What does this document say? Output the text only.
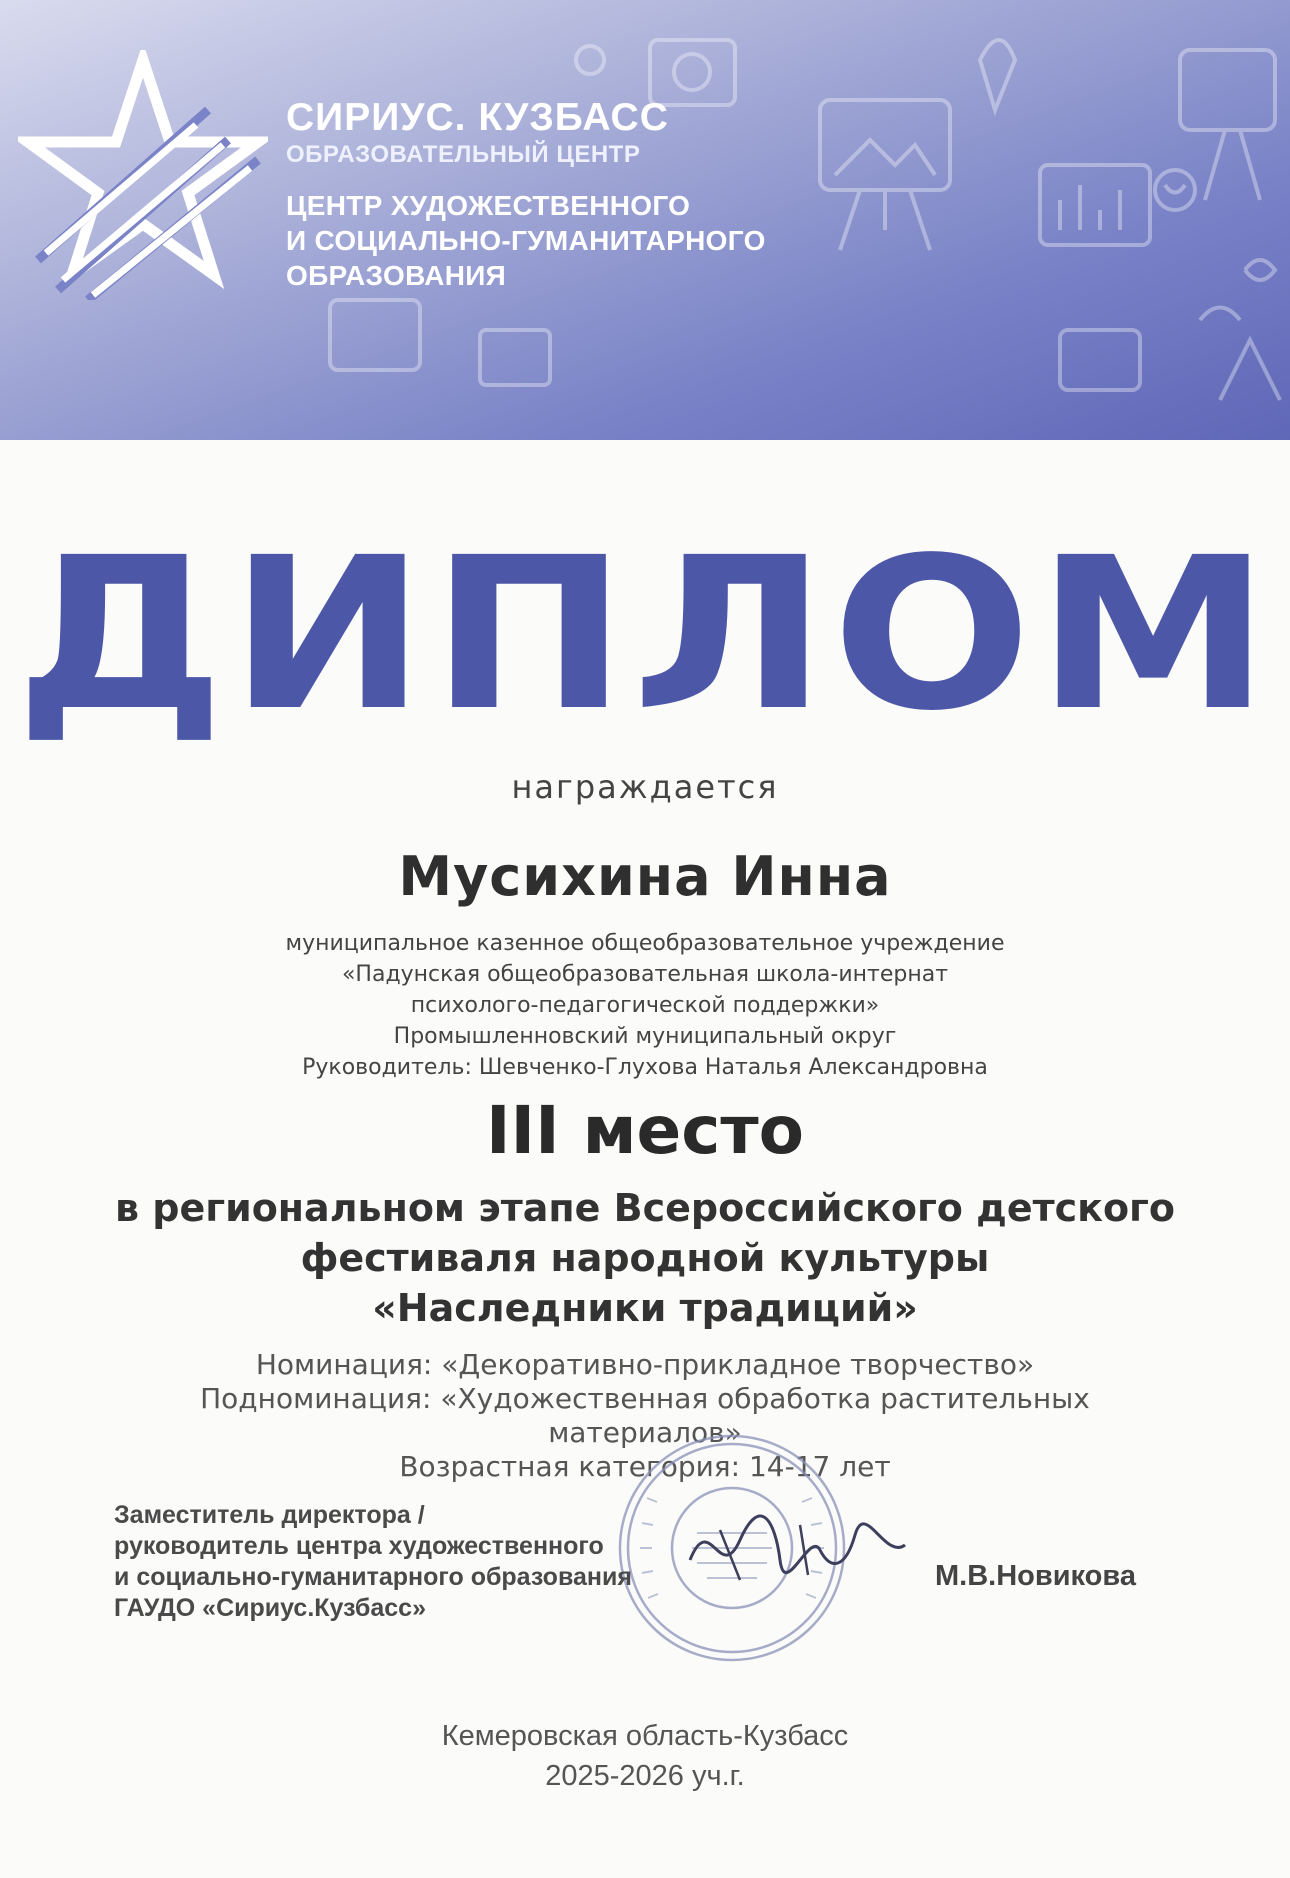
СИРИУС. КУЗБАСС
ОБРАЗОВАТЕЛЬНЫЙ ЦЕНТР
ЦЕНТР ХУДОЖЕСТВЕННОГО
И СОЦИАЛЬНО-ГУМАНИТАРНОГО
ОБРАЗОВАНИЯ
ДИПЛОМ
награждается
Мусихина Инна
муниципальное казенное общеобразовательное учреждение
«Падунская общеобразовательная школа-интернат
психолого-педагогической поддержки»
Промышленновский муниципальный округ
Руководитель: Шевченко-Глухова Наталья Александровна
III место
в региональном этапе Всероссийского детского
фестиваля народной культуры
«Наследники традиций»
Номинация: «Декоративно-прикладное творчество»
Подноминация: «Художественная обработка растительных
материалов»
Возрастная категория: 14-17 лет
Заместитель директора /
руководитель центра художественного
и социально-гуманитарного образования
ГАУДО «Сириус.Кузбасс»
М.В.Новикова
Кемеровская область-Кузбасс
2025-2026 уч.г.
